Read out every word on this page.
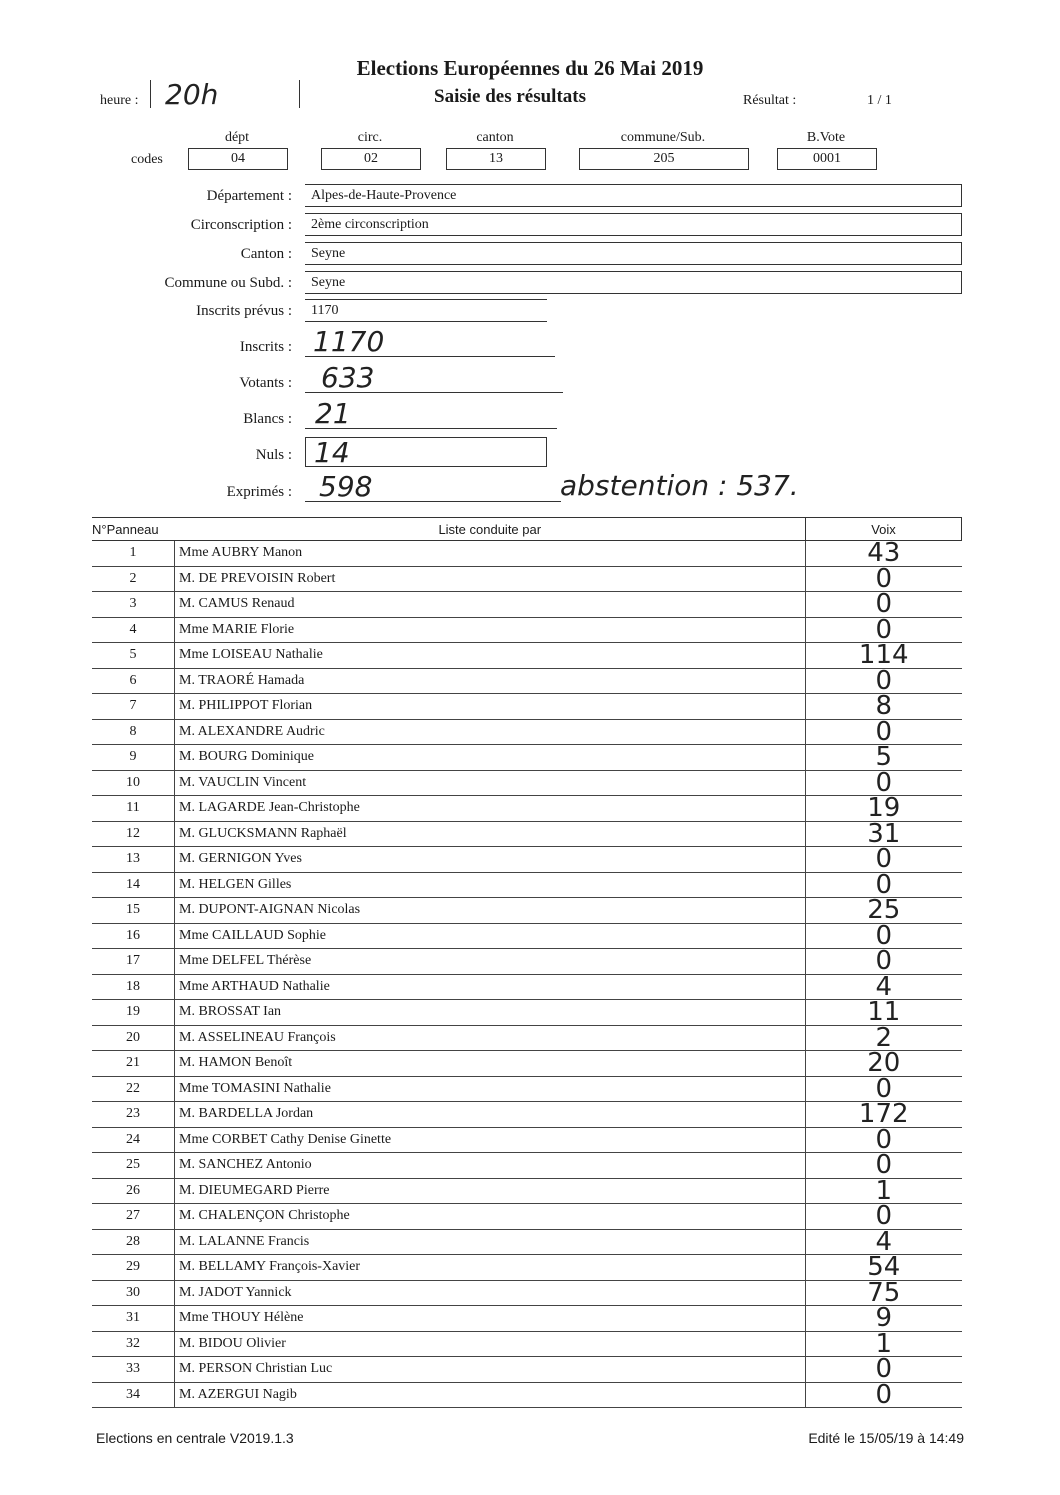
Elections Européennes du 26 Mai 2019
Saisie des résultats
heure : 20h	Résultat :	1 / 1
dépt	circ.	canton	commune/Sub.	B.Vote
codes	04	02	13	205	0001
Département :	Alpes-de-Haute-Provence
Circonscription :	2ème circonscription
Canton :	Seyne
Commune ou Subd. :	Seyne
Inscrits prévus :	1170
Inscrits : 1170
Votants :	633
Blancs : 21
Nuls : 14
Exprimés : 598	abstention : 537.
N°Panneau	Liste conduite par	Voix
1	Mme AUBRY Manon	43
2	M. DE PREVOISIN Robert	0
3	M. CAMUS Renaud	0
4	Mme MARIE Florie	0
5	Mme LOISEAU Nathalie	114
6	M. TRAORÉ Hamada	0
7	M. PHILIPPOT Florian	8
8	M. ALEXANDRE Audric	0
9	M. BOURG Dominique	5
10	M. VAUCLIN Vincent	0
11	M. LAGARDE Jean-Christophe	19
12	M. GLUCKSMANN Raphaël	31
13	M. GERNIGON Yves	0
14	M. HELGEN Gilles	0
15	M. DUPONT-AIGNAN Nicolas	25
16	Mme CAILLAUD Sophie	0
17	Mme DELFEL Thérèse	0
18	Mme ARTHAUD Nathalie	4
19	M. BROSSAT Ian	11
20	M. ASSELINEAU François	2
21	M. HAMON Benoît	20
22	Mme TOMASINI Nathalie	0
23	M. BARDELLA Jordan	172
24	Mme CORBET Cathy Denise Ginette	0
25	M. SANCHEZ Antonio	0
26	M. DIEUMEGARD Pierre	1
27	M. CHALENÇON Christophe	0
28	M. LALANNE Francis	4
29	M. BELLAMY François-Xavier	54
30	M. JADOT Yannick	75
31	Mme THOUY Hélène	9
32	M. BIDOU Olivier	1
33	M. PERSON Christian Luc	0
34	M. AZERGUI Nagib	0
Elections en centrale V2019.1.3	Edité le 15/05/19 à 14:49
